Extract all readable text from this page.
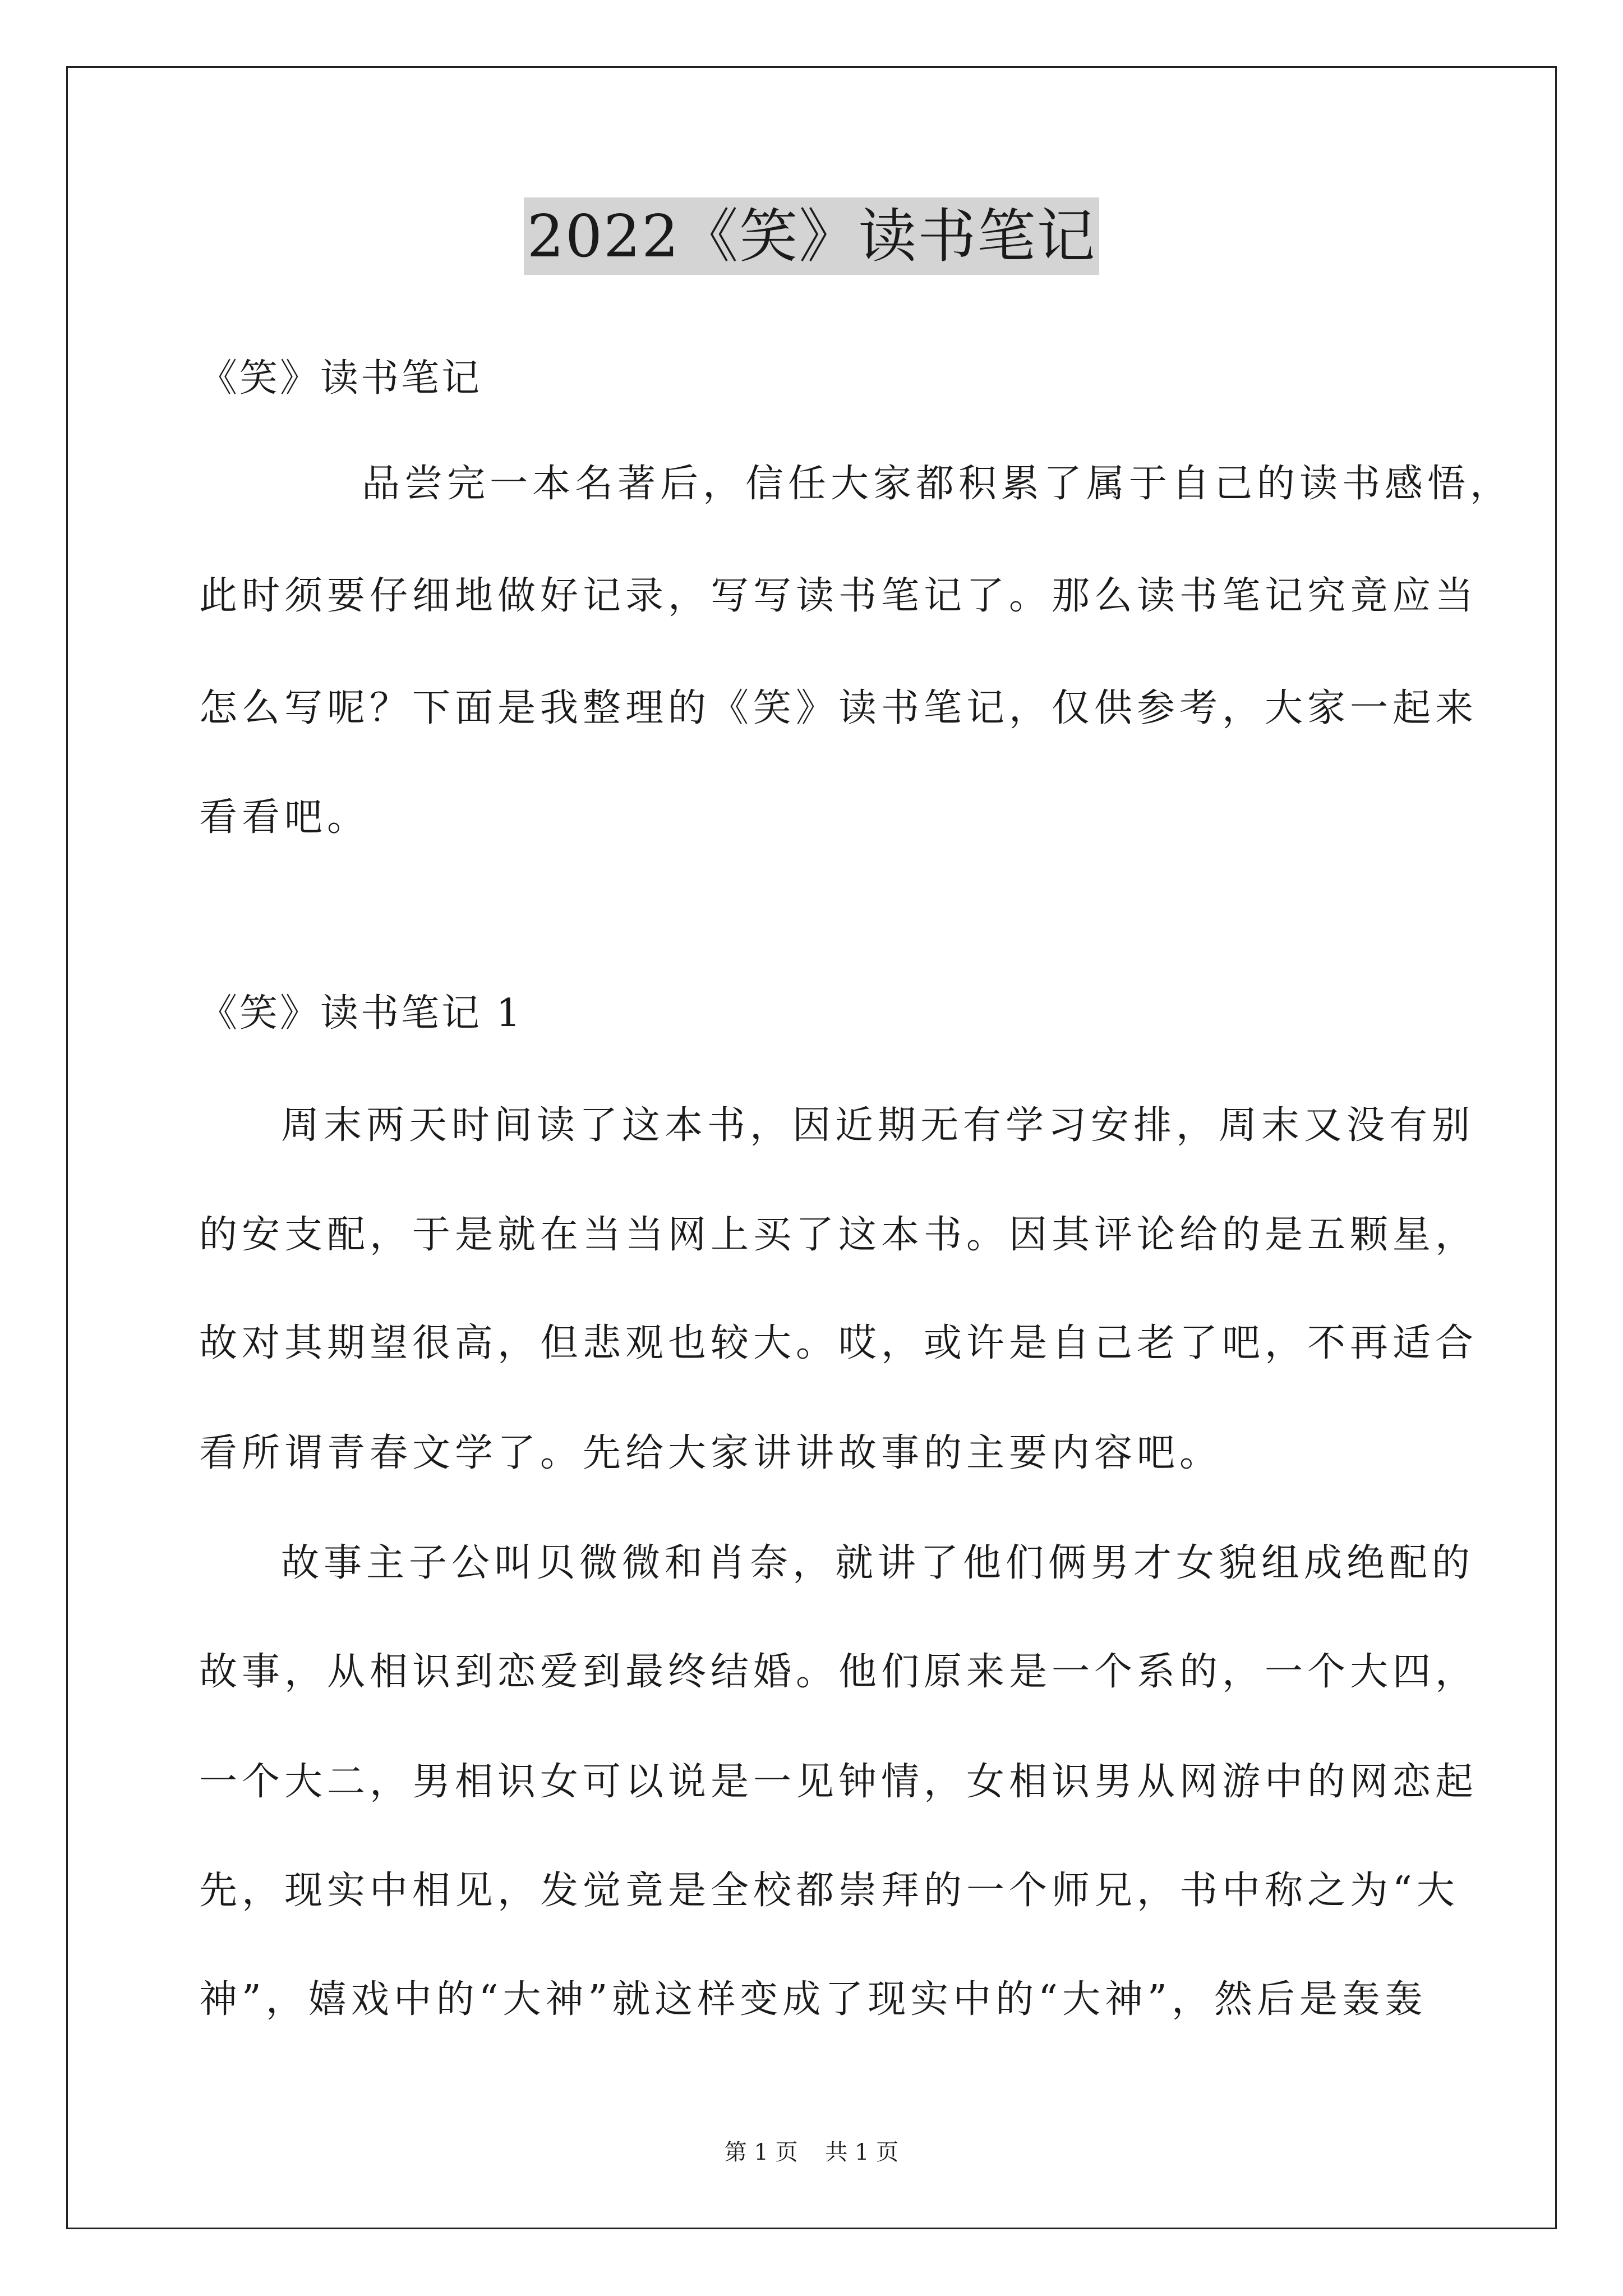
2022《笑》读书笔记
《笑》读书笔记
品尝完一本名著后，信任大家都积累了属于自己的读书感悟，
此时须要仔细地做好记录，写写读书笔记了。那么读书笔记究竟应当
怎么写呢？下面是我整理的《笑》读书笔记，仅供参考，大家一起来
看看吧。
《笑》读书笔记 1
周末两天时间读了这本书，因近期无有学习安排，周末又没有别
的安支配，于是就在当当网上买了这本书。因其评论给的是五颗星，
故对其期望很高，但悲观也较大。哎，或许是自己老了吧，不再适合
看所谓青春文学了。先给大家讲讲故事的主要内容吧。
故事主子公叫贝微微和肖奈，就讲了他们俩男才女貌组成绝配的
故事，从相识到恋爱到最终结婚。他们原来是一个系的，一个大四，
一个大二，男相识女可以说是一见钟情，女相识男从网游中的网恋起
先，现实中相见，发觉竟是全校都崇拜的一个师兄，书中称之为“大
神”，嬉戏中的“大神”就这样变成了现实中的“大神”，然后是轰轰
第 1 页 共 1 页
